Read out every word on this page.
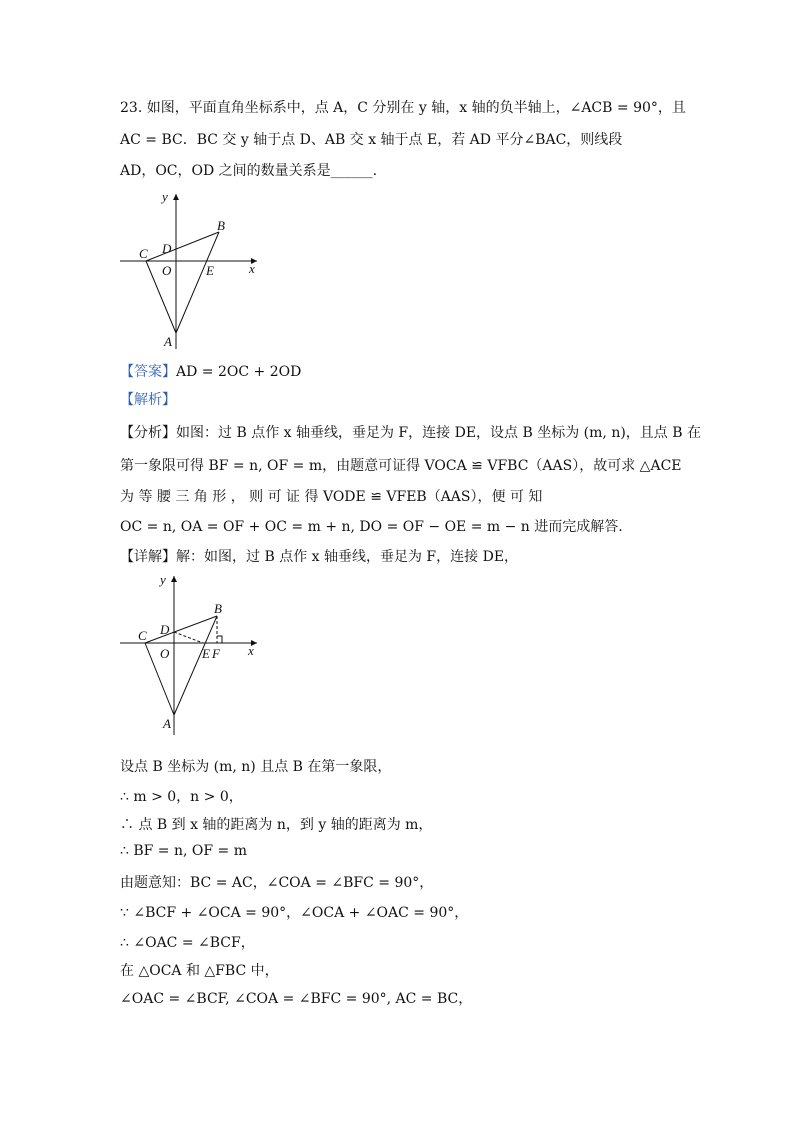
23. 如图，平面直角坐标系中，点 A，C 分别在 y 轴，x 轴的负半轴上，∠ACB = 90°，且
AC = BC．BC 交 y 轴于点 D、AB 交 x 轴于点 E，若 AD 平分∠BAC，则线段
AD，OC，OD 之间的数量关系是______.
y
B
D
C
O	E	x
A
【答案】AD = 2OC + 2OD
【解析】
【分析】如图：过 B 点作 x 轴垂线，垂足为 F，连接 DE，设点 B 坐标为 (m, n)，且点 B 在
第一象限可得 BF = n, OF = m，由题意可证得 VOCA ≌ VFBC（AAS），故可求 △ACE
为 等 腰 三 角 形 ， 则 可 证 得 VODE ≌ VFEB（AAS），便 可 知
OC = n, OA = OF + OC = m + n, DO = OF − OE = m − n 进而完成解答.
【详解】解：如图，过 B 点作 x 轴垂线，垂足为 F，连接 DE，
y
B
D
C
O	E F x
A
设点 B 坐标为 (m, n) 且点 B 在第一象限，
∴ m > 0，n > 0，
∴ 点 B 到 x 轴的距离为 n，到 y 轴的距离为 m，
∴ BF = n, OF = m
由题意知：BC = AC，∠COA = ∠BFC = 90°，
∵ ∠BCF + ∠OCA = 90°，∠OCA + ∠OAC = 90°，
∴ ∠OAC = ∠BCF，
在 △OCA 和 △FBC 中，
∠OAC = ∠BCF, ∠COA = ∠BFC = 90°, AC = BC，
